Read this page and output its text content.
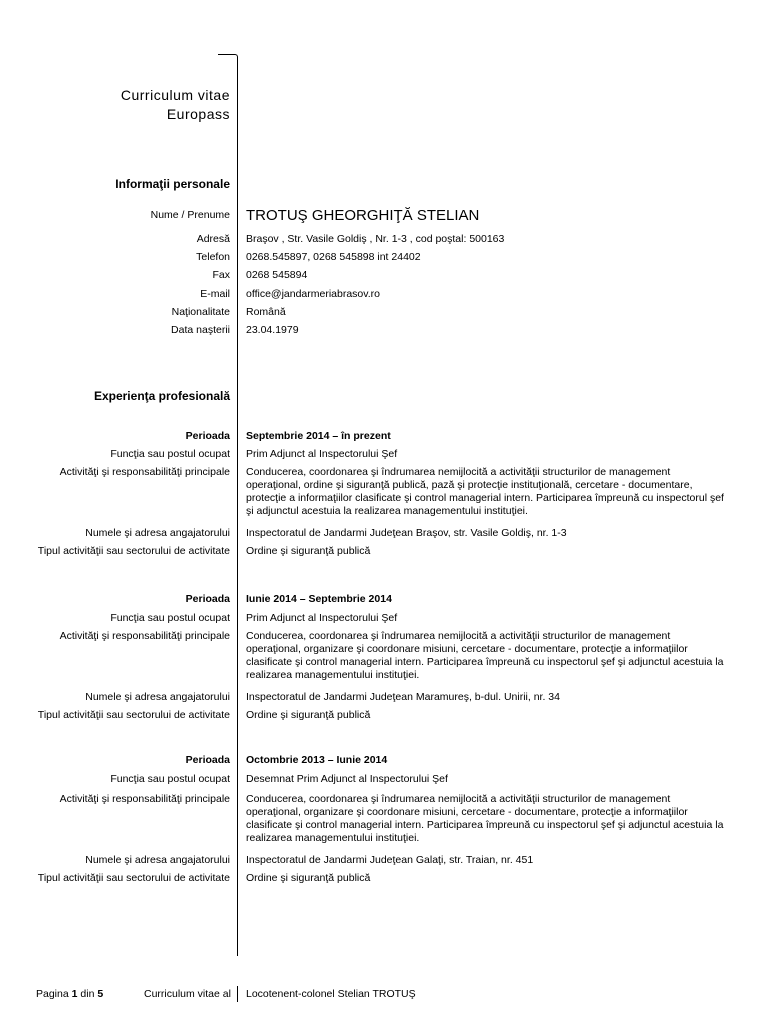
Curriculum vitae
Europass
Informaţii personale
Nume / Prenume TROTUŞ GHEORGHIŢĂ STELIAN
Adresă Braşov , Str. Vasile Goldiş , Nr. 1-3 , cod poştal: 500163
Telefon 0268.545897, 0268 545898 int 24402
Fax 0268 545894
E-mail office@jandarmeriabrasov.ro
Naţionalitate Română
Data naşterii 23.04.1979
Experienţa profesională
Perioada Septembrie 2014 – în prezent
Funcţia sau postul ocupat Prim Adjunct al Inspectorului Şef
Activităţi şi responsabilităţi principale Conducerea, coordonarea şi îndrumarea nemijlocită a activităţii structurilor de management operaţional, ordine şi siguranţă publică, pază şi protecţie instituţională, cercetare - documentare, protecţie a informaţiilor clasificate şi control managerial intern. Participarea împreună cu inspectorul şef şi adjunctul acestuia la realizarea managementului instituţiei.
Numele şi adresa angajatorului Inspectoratul de Jandarmi Judeţean Braşov, str. Vasile Goldiş, nr. 1-3
Tipul activităţii sau sectorului de activitate Ordine şi siguranţă publică
Perioada Iunie 2014 – Septembrie 2014
Funcţia sau postul ocupat Prim Adjunct al Inspectorului Şef
Activităţi şi responsabilităţi principale Conducerea, coordonarea şi îndrumarea nemijlocită a activităţii structurilor de management operaţional, organizare şi coordonare misiuni, cercetare - documentare, protecţie a informaţiilor clasificate şi control managerial intern. Participarea împreună cu inspectorul şef şi adjunctul acestuia la realizarea managementului instituţiei.
Numele şi adresa angajatorului Inspectoratul de Jandarmi Judeţean Maramureş, b-dul. Unirii, nr. 34
Tipul activităţii sau sectorului de activitate Ordine şi siguranţă publică
Perioada Octombrie 2013 – Iunie 2014
Funcţia sau postul ocupat Desemnat Prim Adjunct al Inspectorului Şef
Activităţi şi responsabilităţi principale Conducerea, coordonarea şi îndrumarea nemijlocită a activităţii structurilor de management operaţional, organizare şi coordonare misiuni, cercetare - documentare, protecţie a informaţiilor clasificate şi control managerial intern. Participarea împreună cu inspectorul şef şi adjunctul acestuia la realizarea managementului instituţiei.
Numele şi adresa angajatorului Inspectoratul de Jandarmi Judeţean Galaţi, str. Traian, nr. 451
Tipul activităţii sau sectorului de activitate Ordine şi siguranţă publică
Pagina 1 din 5	Curriculum vitae al Locotenent-colonel Stelian TROTUŞ
